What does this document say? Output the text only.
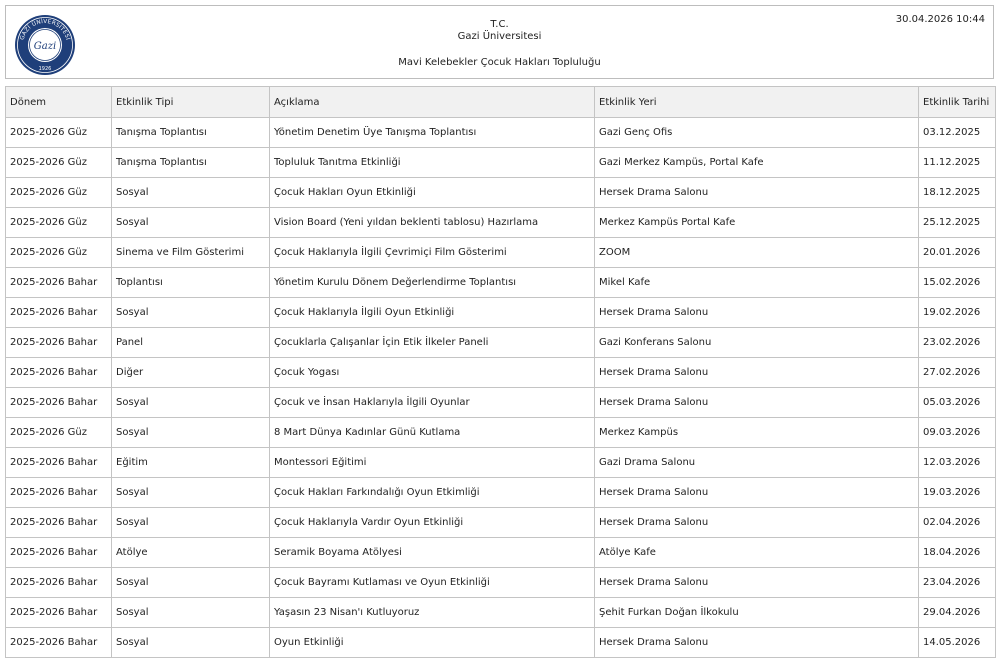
GAZİ ÜNİVERSİTESİ
Gazi
1926
T.C.
Gazi Üniversitesi
Mavi Kelebekler Çocuk Hakları Topluluğu
30.04.2026 10:44
Dönem	Etkinlik Tipi	Açıklama	Etkinlik Yeri	Etkinlik Tarihi
2025-2026 Güz	Tanışma Toplantısı	Yönetim Denetim Üye Tanışma Toplantısı	Gazi Genç Ofis	03.12.2025
2025-2026 Güz	Tanışma Toplantısı	Topluluk Tanıtma Etkinliği	Gazi Merkez Kampüs, Portal Kafe	11.12.2025
2025-2026 Güz	Sosyal	Çocuk Hakları Oyun Etkinliği	Hersek Drama Salonu	18.12.2025
2025-2026 Güz	Sosyal	Vision Board (Yeni yıldan beklenti tablosu) Hazırlama	Merkez Kampüs Portal Kafe	25.12.2025
2025-2026 Güz	Sinema ve Film Gösterimi	Çocuk Haklarıyla İlgili Çevrimiçi Film Gösterimi	ZOOM	20.01.2026
2025-2026 Bahar	Toplantısı	Yönetim Kurulu Dönem Değerlendirme Toplantısı	Mikel Kafe	15.02.2026
2025-2026 Bahar	Sosyal	Çocuk Haklarıyla İlgili Oyun Etkinliği	Hersek Drama Salonu	19.02.2026
2025-2026 Bahar	Panel	Çocuklarla Çalışanlar İçin Etik İlkeler Paneli	Gazi Konferans Salonu	23.02.2026
2025-2026 Bahar	Diğer	Çocuk Yogası	Hersek Drama Salonu	27.02.2026
2025-2026 Bahar	Sosyal	Çocuk ve İnsan Haklarıyla İlgili Oyunlar	Hersek Drama Salonu	05.03.2026
2025-2026 Güz	Sosyal	8 Mart Dünya Kadınlar Günü Kutlama	Merkez Kampüs	09.03.2026
2025-2026 Bahar	Eğitim	Montessori Eğitimi	Gazi Drama Salonu	12.03.2026
2025-2026 Bahar	Sosyal	Çocuk Hakları Farkındalığı Oyun Etkimliği	Hersek Drama Salonu	19.03.2026
2025-2026 Bahar	Sosyal	Çocuk Haklarıyla Vardır Oyun Etkinliği	Hersek Drama Salonu	02.04.2026
2025-2026 Bahar	Atölye	Seramik Boyama Atölyesi	Atölye Kafe	18.04.2026
2025-2026 Bahar	Sosyal	Çocuk Bayramı Kutlaması ve Oyun Etkinliği	Hersek Drama Salonu	23.04.2026
2025-2026 Bahar	Sosyal	Yaşasın 23 Nisan'ı Kutluyoruz	Şehit Furkan Doğan İlkokulu	29.04.2026
2025-2026 Bahar	Sosyal	Oyun Etkinliği	Hersek Drama Salonu	14.05.2026
